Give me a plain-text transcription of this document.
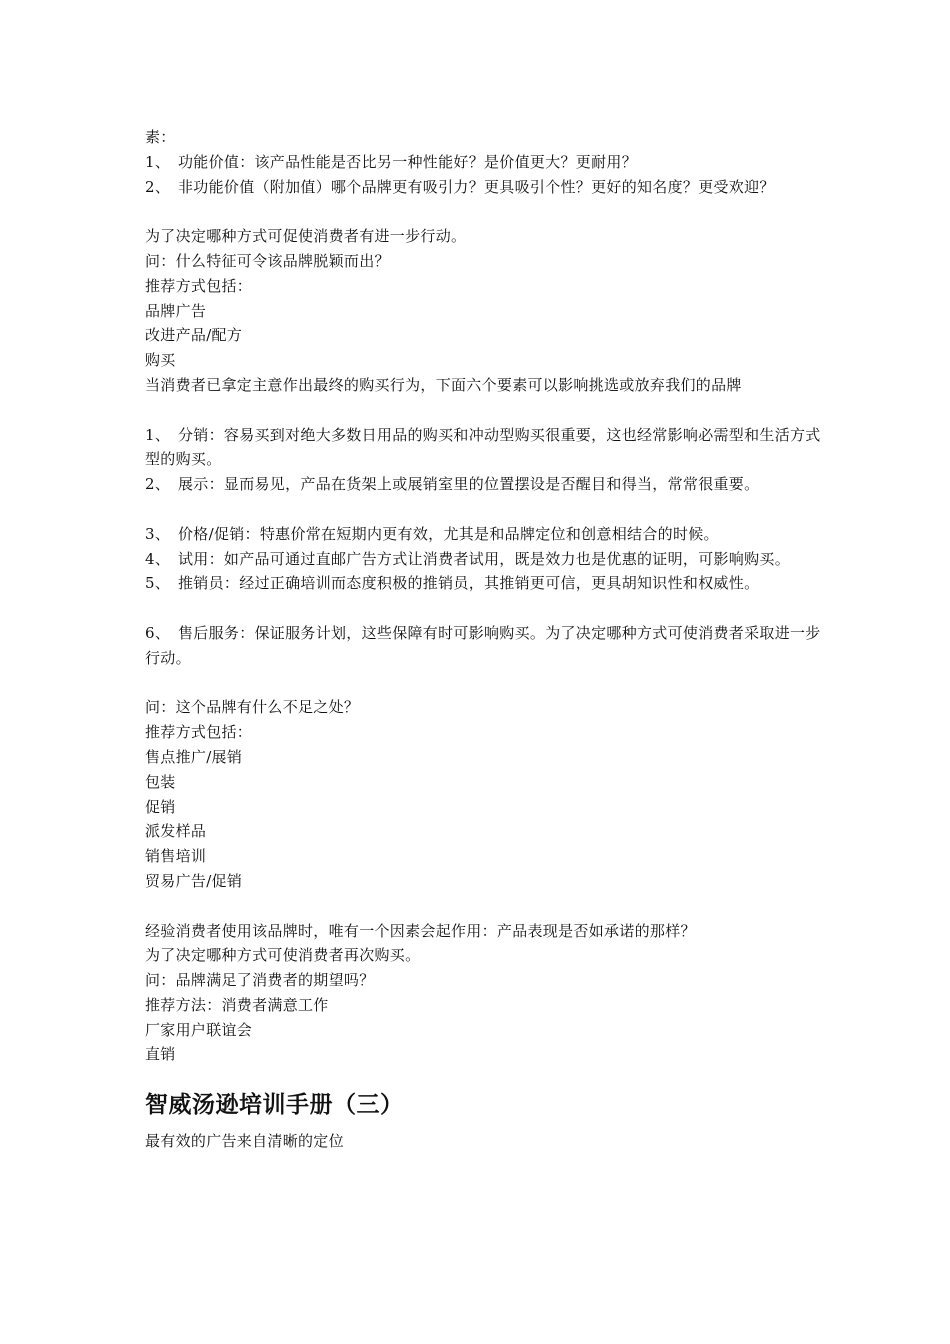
素：
1、 功能价值：该产品性能是否比另一种性能好？是价值更大？更耐用？
2、 非功能价值（附加值）哪个品牌更有吸引力？更具吸引个性？更好的知名度？更受欢迎？
为了决定哪种方式可促使消费者有进一步行动。
问：什么特征可令该品牌脱颖而出？
推荐方式包括：
品牌广告
改进产品/配方
购买
当消费者已拿定主意作出最终的购买行为，下面六个要素可以影响挑选或放弃我们的品牌
1、 分销：容易买到对绝大多数日用品的购买和冲动型购买很重要，这也经常影响必需型和生活方式型的购买。
2、 展示：显而易见，产品在货架上或展销室里的位置摆设是否醒目和得当，常常很重要。
3、 价格/促销：特惠价常在短期内更有效，尤其是和品牌定位和创意相结合的时候。
4、 试用：如产品可通过直邮广告方式让消费者试用，既是效力也是优惠的证明，可影响购买。
5、 推销员：经过正确培训而态度积极的推销员，其推销更可信，更具胡知识性和权威性。
6、 售后服务：保证服务计划，这些保障有时可影响购买。为了决定哪种方式可使消费者采取进一步行动。
问：这个品牌有什么不足之处？
推荐方式包括：
售点推广/展销
包装
促销
派发样品
销售培训
贸易广告/促销
经验消费者使用该品牌时，唯有一个因素会起作用：产品表现是否如承诺的那样？
为了决定哪种方式可使消费者再次购买。
问：品牌满足了消费者的期望吗？
推荐方法：消费者满意工作
厂家用户联谊会
直销
智威汤逊培训手册（三）
最有效的广告来自清晰的定位
